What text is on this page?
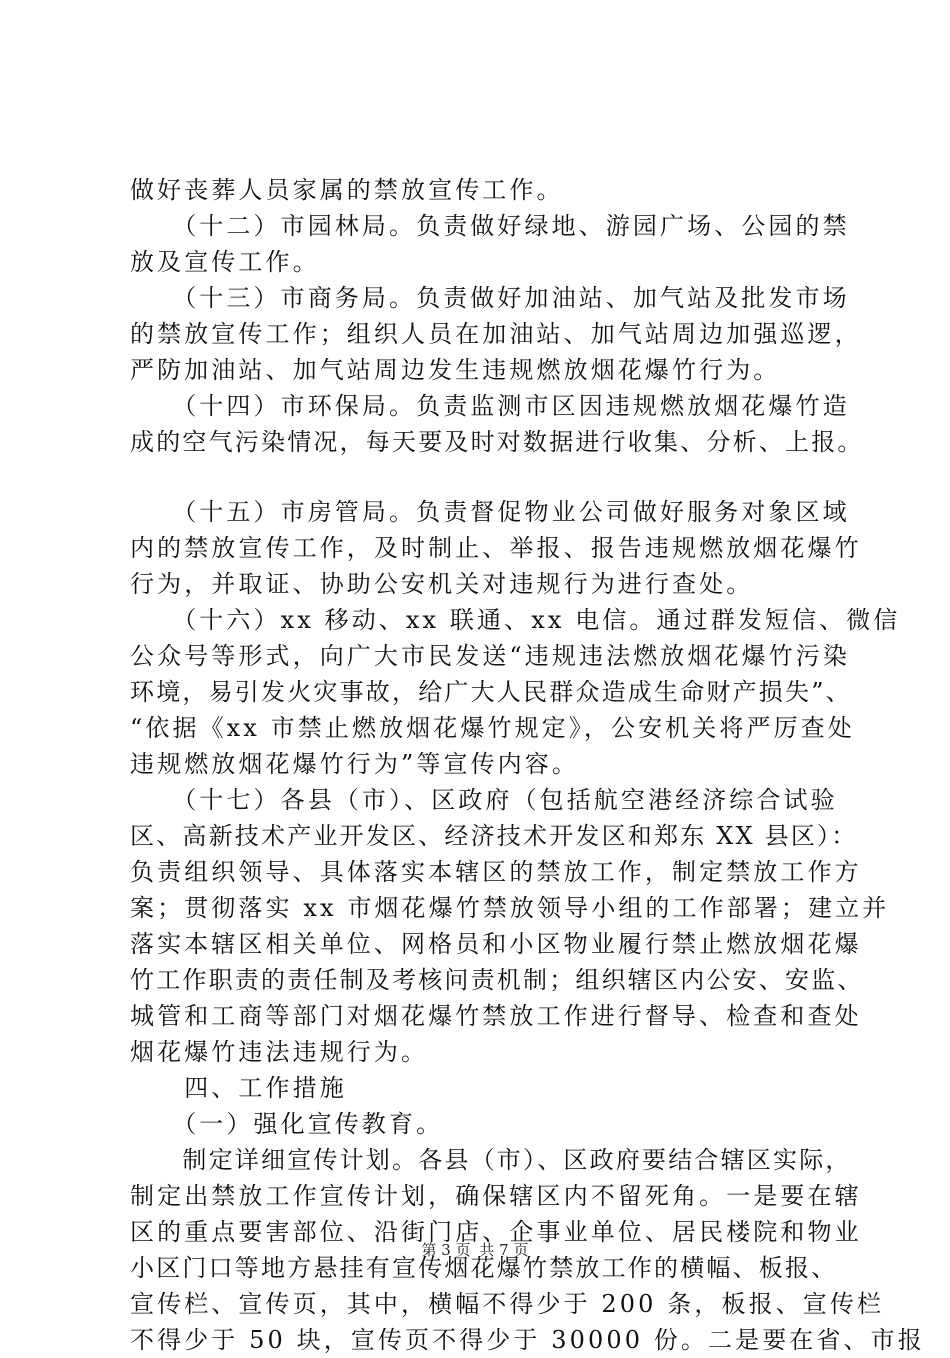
做好丧葬人员家属的禁放宣传工作。
　　（十二）市园林局。负责做好绿地、游园广场、公园的禁
放及宣传工作。
　　（十三）市商务局。负责做好加油站、加气站及批发市场
的禁放宣传工作；组织人员在加油站、加气站周边加强巡逻，
严防加油站、加气站周边发生违规燃放烟花爆竹行为。
　　（十四）市环保局。负责监测市区因违规燃放烟花爆竹造
成的空气污染情况，每天要及时对数据进行收集、分析、上报。
　　（十五）市房管局。负责督促物业公司做好服务对象区域
内的禁放宣传工作，及时制止、举报、报告违规燃放烟花爆竹
行为，并取证、协助公安机关对违规行为进行查处。
　　（十六）xx 移动、xx 联通、xx 电信。通过群发短信、微信
公众号等形式，向广大市民发送“违规违法燃放烟花爆竹污染
环境，易引发火灾事故，给广大人民群众造成生命财产损失”、
“依据《xx 市禁止燃放烟花爆竹规定》，公安机关将严厉查处
违规燃放烟花爆竹行为”等宣传内容。
　　（十七）各县（市）、区政府（包括航空港经济综合试验
区、高新技术产业开发区、经济技术开发区和郑东 XX 县区）：
负责组织领导、具体落实本辖区的禁放工作，制定禁放工作方
案；贯彻落实 xx 市烟花爆竹禁放领导小组的工作部署；建立并
落实本辖区相关单位、网格员和小区物业履行禁止燃放烟花爆
竹工作职责的责任制及考核问责机制；组织辖区内公安、安监、
城管和工商等部门对烟花爆竹禁放工作进行督导、检查和查处
烟花爆竹违法违规行为。
　　四、工作措施
　　（一）强化宣传教育。
　　制定详细宣传计划。各县（市）、区政府要结合辖区实际，
制定出禁放工作宣传计划，确保辖区内不留死角。一是要在辖
区的重点要害部位、沿街门店、企事业单位、居民楼院和物业
小区门口等地方悬挂有宣传烟花爆竹禁放工作的横幅、板报、
宣传栏、宣传页，其中，横幅不得少于 200 条，板报、宣传栏
不得少于 50 块，宣传页不得少于 30000 份。二是要在省、市报
第 3 页 共 7 页
